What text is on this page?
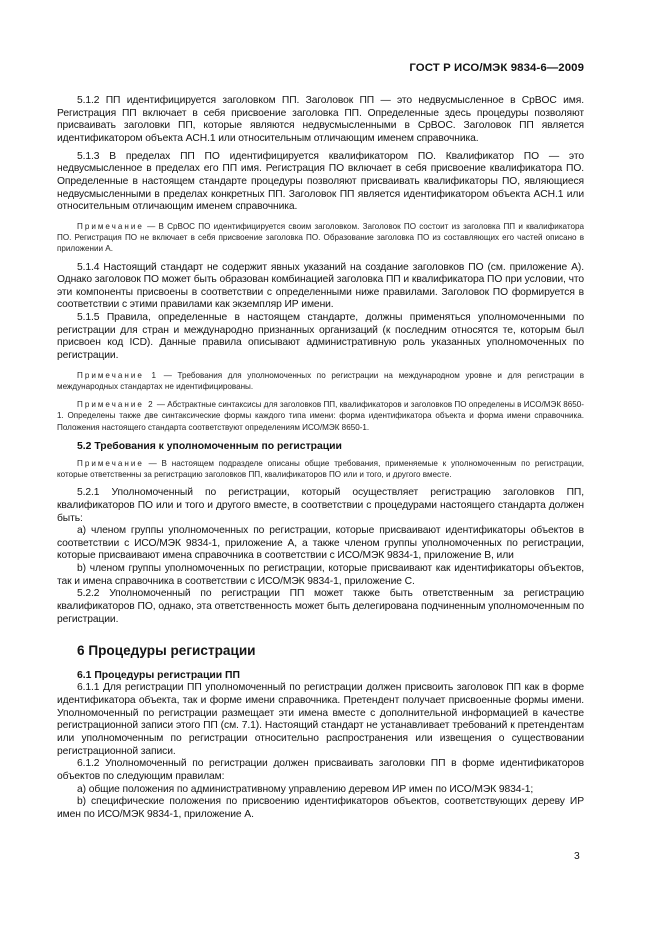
ГОСТ Р ИСО/МЭК 9834-6—2009

5.1.2 ПП идентифицируется заголовком ПП. Заголовок ПП — это недвусмысленное в CpBOC имя. Регистрация ПП включает в себя присвоение заголовка ПП. Определенные здесь процедуры позволяют присваивать заголовки ПП, которые являются недвусмысленными в CpBOC. Заголовок ПП является идентификатором объекта ACH.1 или относительным отличающим именем справочника.

5.1.3 В пределах ПП ПО идентифицируется квалификатором ПО. Квалификатор ПО — это недвусмысленное в пределах его ПП имя. Регистрация ПО включает в себя присвоение квалификатора ПО. Определенные в настоящем стандарте процедуры позволяют присваивать квалификаторы ПО, являющиеся недвусмысленными в пределах конкретных ПП. Заголовок ПП является идентификатором объекта ACH.1 или относительным отличающим именем справочника.

Примечание — В CpBOC ПО идентифицируется своим заголовком. Заголовок ПО состоит из заголовка ПП и квалификатора ПО. Регистрация ПО не включает в себя присвоение заголовка ПО. Образование заголовка ПО из составляющих его частей описано в приложении А.

5.1.4 Настоящий стандарт не содержит явных указаний на создание заголовков ПО (см. приложение А). Однако заголовок ПО может быть образован комбинацией заголовка ПП и квалификатора ПО при условии, что эти компоненты присвоены в соответствии с определенными ниже правилами. Заголовок ПО формируется в соответствии с этими правилами как экземпляр ИР имени.

5.1.5 Правила, определенные в настоящем стандарте, должны применяться уполномоченными по регистрации для стран и международно признанных организаций (к последним относятся те, которым был присвоен код ICD). Данные правила описывают административную роль указанных уполномоченных по регистрации.

Примечание 1 — Требования для уполномоченных по регистрации на международном уровне и для регистрации в международных стандартах не идентифицированы.

Примечание 2 — Абстрактные синтаксисы для заголовков ПП, квалификаторов и заголовков ПО определены в ИСО/МЭК 8650-1. Определены также две синтаксические формы каждого типа имени: форма идентификатора объекта и форма имени справочника. Положения настоящего стандарта соответствуют определениям ИСО/МЭК 8650-1.

5.2 Требования к уполномоченным по регистрации

Примечание — В настоящем подразделе описаны общие требования, применяемые к уполномоченным по регистрации, которые ответственны за регистрацию заголовков ПП, квалификаторов ПО или и того, и другого вместе.

5.2.1 Уполномоченный по регистрации, который осуществляет регистрацию заголовков ПП, квалификаторов ПО или и того и другого вместе, в соответствии с процедурами настоящего стандарта должен быть:

а) членом группы уполномоченных по регистрации, которые присваивают идентификаторы объектов в соответствии с ИСО/МЭК 9834-1, приложение А, а также членом группы уполномоченных по регистрации, которые присваивают имена справочника в соответствии с ИСО/МЭК 9834-1, приложение В, или

b) членом группы уполномоченных по регистрации, которые присваивают как идентификаторы объектов, так и имена справочника в соответствии с ИСО/МЭК 9834-1, приложение С.

5.2.2 Уполномоченный по регистрации ПП может также быть ответственным за регистрацию квалификаторов ПО, однако, эта ответственность может быть делегирована подчиненным уполномоченным по регистрации.

6 Процедуры регистрации

6.1 Процедуры регистрации ПП

6.1.1 Для регистрации ПП уполномоченный по регистрации должен присвоить заголовок ПП как в форме идентификатора объекта, так и форме имени справочника. Претендент получает присвоенные формы имени. Уполномоченный по регистрации размещает эти имена вместе с дополнительной информацией в качестве регистрационной записи этого ПП (см. 7.1). Настоящий стандарт не устанавливает требований к претендентам или уполномоченным по регистрации относительно распространения или извещения о существовании регистрационной записи.

6.1.2 Уполномоченный по регистрации должен присваивать заголовки ПП в форме идентификаторов объектов по следующим правилам:

а) общие положения по административному управлению деревом ИР имен по ИСО/МЭК 9834-1;

b) специфические положения по присвоению идентификаторов объектов, соответствующих дереву ИР имен по ИСО/МЭК 9834-1, приложение А.

3
